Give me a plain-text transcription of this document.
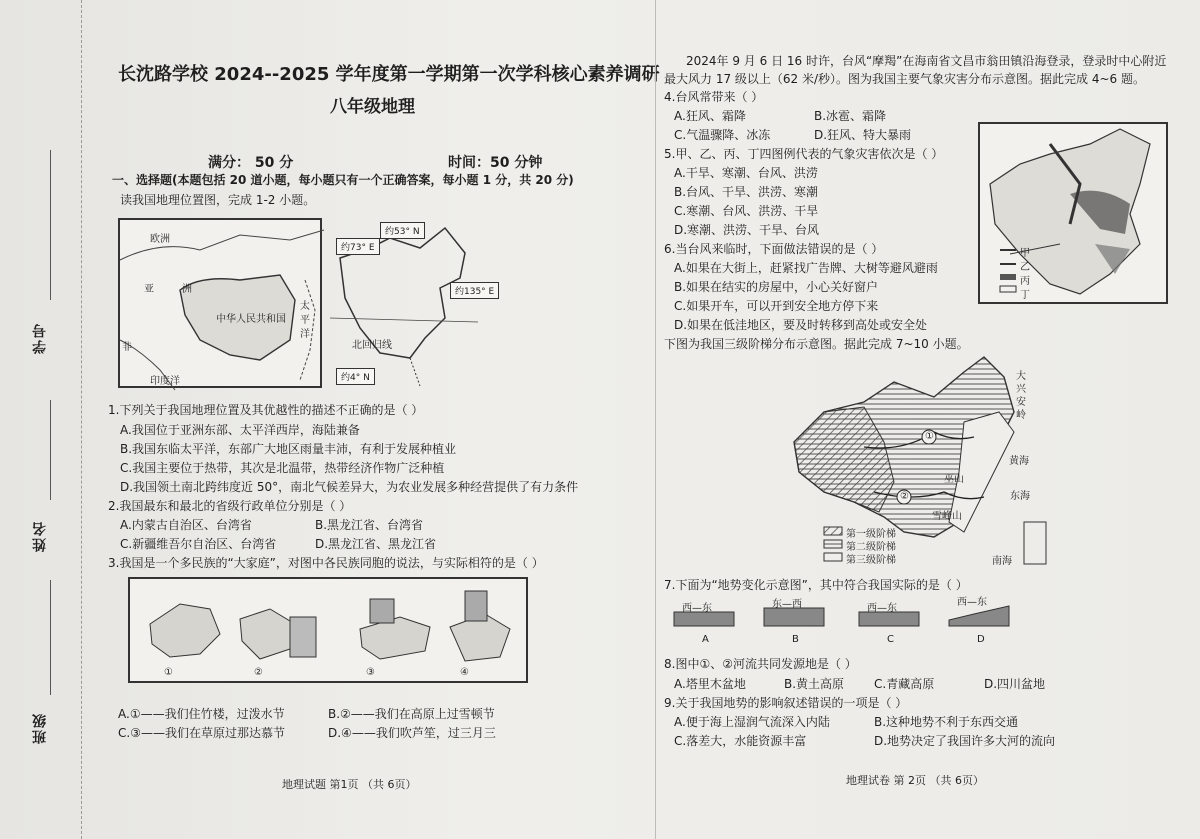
学号
姓名
班级
长沈路学校 2024--2025 学年度第一学期第一次学科核心素养调研
八年级地理
满分： 50 分	时间：50 分钟
一、选择题(本题包括 20 道小题，每小题只有一个正确答案，每小题 1 分，共 20 分)
读我国地理位置图，完成 1-2 小题。
欧洲
亚	洲
中华人民共和国
太平洋
印度洋
非	北回归线
约73° E
约53° N
约135° E
约4° N
1.下列关于我国地理位置及其优越性的描述不正确的是（ ）
A.我国位于亚洲东部、太平洋西岸，海陆兼备
B.我国东临太平洋，东部广大地区雨量丰沛，有利于发展种植业
C.我国主要位于热带，其次是北温带，热带经济作物广泛种植
D.我国领土南北跨纬度近 50°，南北气候差异大，为农业发展多种经营提供了有力条件
2.我国最东和最北的省级行政单位分别是（ ）
A.内蒙古自治区、台湾省	B.黑龙江省、台湾省
C.新疆维吾尔自治区、台湾省	D.黑龙江省、黑龙江省
3.我国是一个多民族的“大家庭”，对图中各民族同胞的说法，与实际相符的是（ ）
①	②	③	④
A.①——我们住竹楼，过泼水节	B.②——我们在高原上过雪顿节
C.③——我们在草原过那达慕节	D.④——我们吹芦笙，过三月三
地理试题 第1页 （共 6页）
2024年 9 月 6 日 16 时许，台风“摩羯”在海南省文昌市翁田镇沿海登录，登录时中心附近
最大风力 17 级以上（62 米/秒）。图为我国主要气象灾害分布示意图。据此完成 4~6 题。
甲
乙
丙
丁
4.台风常带来（ ）
A.狂风、霜降	B.冰雹、霜降
C.气温骤降、冰冻	D.狂风、特大暴雨
5.甲、乙、丙、丁四图例代表的气象灾害依次是（ ）
A.干旱、寒潮、台风、洪涝
B.台风、干旱、洪涝、寒潮
C.寒潮、台风、洪涝、干旱
D.寒潮、洪涝、干旱、台风
6.当台风来临时，下面做法错误的是（ ）
A.如果在大街上，赶紧找广告牌、大树等避风避雨
B.如果在结实的房屋中，小心关好窗户
C.如果开车，可以开到安全地方停下来
D.如果在低洼地区，要及时转移到高处或安全处
下图为我国三级阶梯分布示意图。据此完成 7~10 小题。
①
②
大兴安岭
黄海
东海
南海
巫山
雪峰山
第一级阶梯
第二级阶梯
第三级阶梯
7.下面为“地势变化示意图”，其中符合我国实际的是（ ）
西—东	东—西	西—东
西—东
A	B	C	D
8.图中①、②河流共同发源地是（ ）
A.塔里木盆地	B.黄土高原 C.青藏高原	D.四川盆地
9.关于我国地势的影响叙述错误的一项是（ ）
A.便于海上湿润气流深入内陆	B.这种地势不利于东西交通
C.落差大，水能资源丰富	D.地势决定了我国许多大河的流向
地理试卷 第 2页 （共 6页）
